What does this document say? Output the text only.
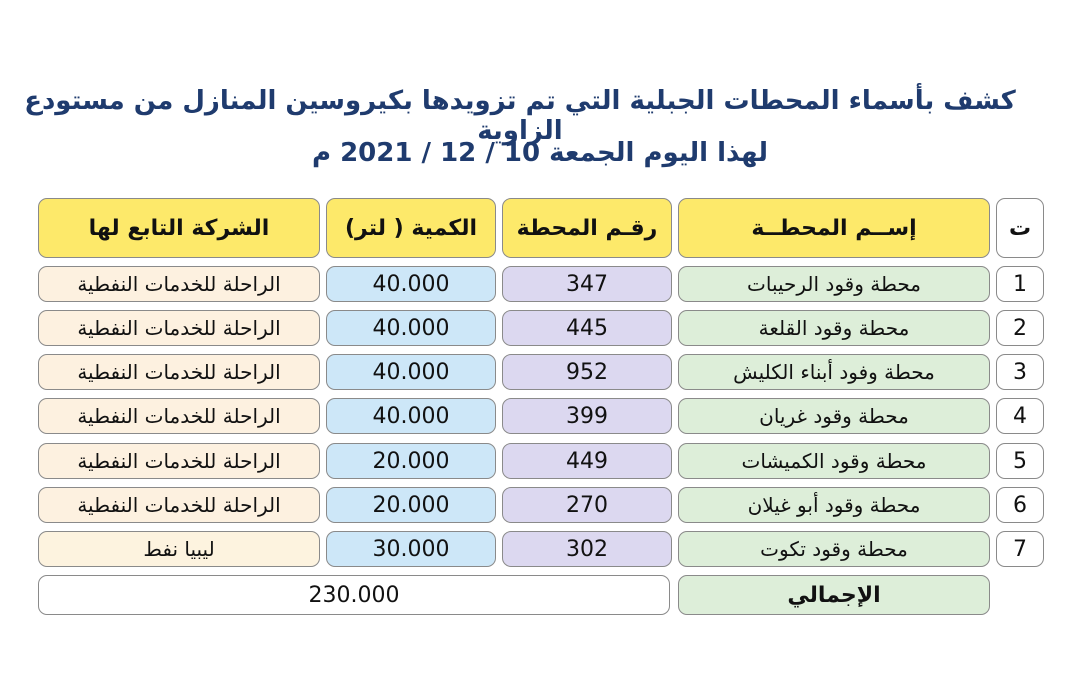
كشف بأسماء المحطات الجبلية التي تم تزويدها بكيروسين المنازل من مستودع الزاوية
لهذا اليوم الجمعة 10 / 12 / 2021 م
ت
إســم المحطــة
رقـم المحطة
الكمية ( لتر)
الشركة التابع لها
1
محطة وقود الرحيبات
347
40.000
الراحلة للخدمات النفطية
2
محطة وقود القلعة
445
40.000
الراحلة للخدمات النفطية
3
محطة وفود أبناء الكليش
952
40.000
الراحلة للخدمات النفطية
4
محطة وقود غريان
399
40.000
الراحلة للخدمات النفطية
5
محطة وقود الكميشات
449
20.000
الراحلة للخدمات النفطية
6
محطة وقود أبو غيلان
270
20.000
الراحلة للخدمات النفطية
7
محطة وقود تكوت
302
30.000
ليبيا نفط
الإجمالي
230.000
